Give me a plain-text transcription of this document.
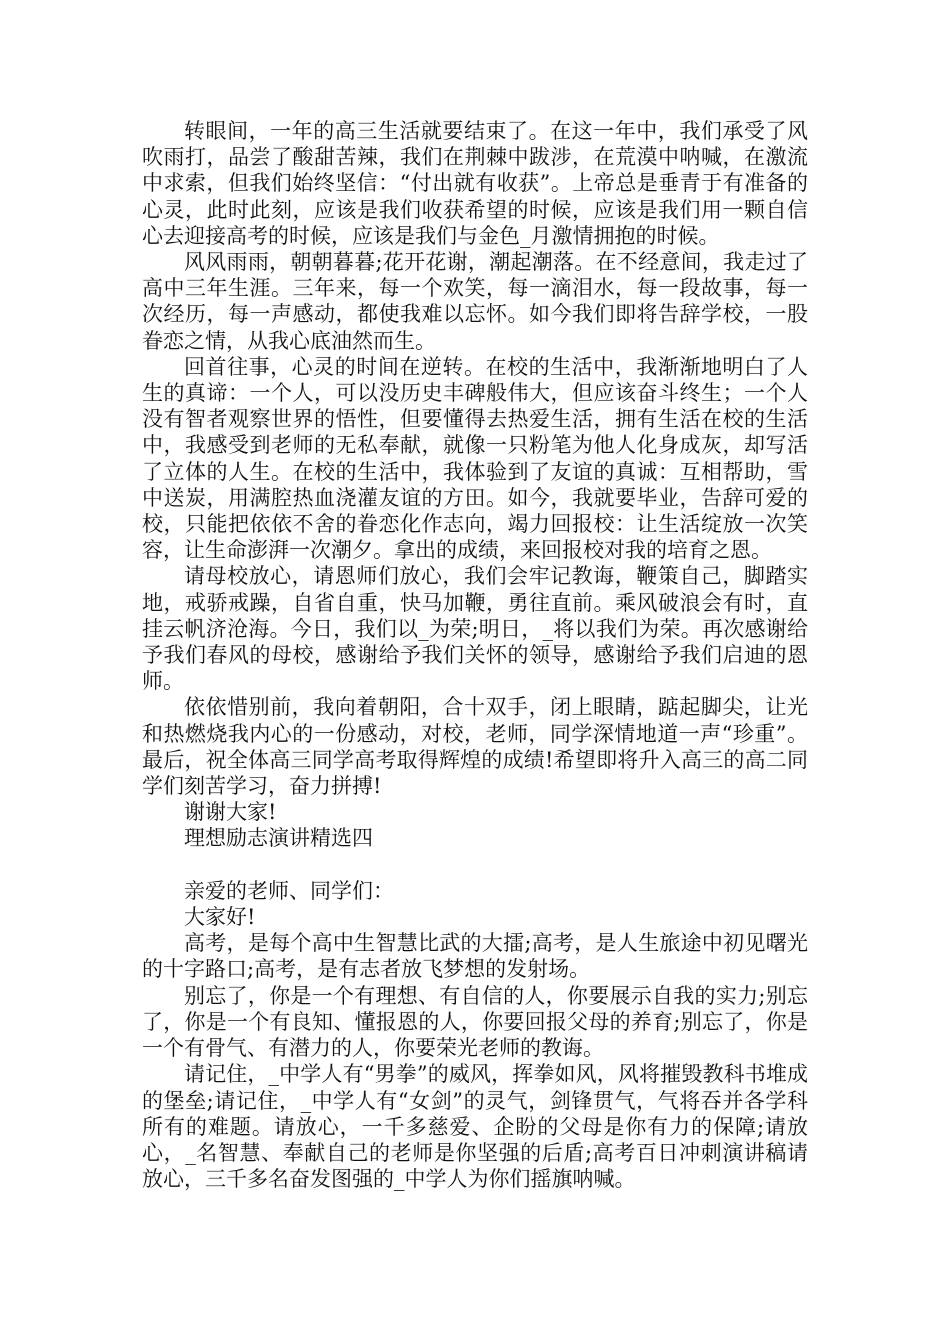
转眼间，一年的高三生活就要结束了。在这一年中，我们承受了风吹雨打，品尝了酸甜苦辣，我们在荆棘中跋涉，在荒漠中呐喊，在激流中求索，但我们始终坚信：“付出就有收获”。上帝总是垂青于有准备的心灵，此时此刻，应该是我们收获希望的时候，应该是我们用一颗自信心去迎接高考的时候，应该是我们与金色_月激情拥抱的时候。

风风雨雨，朝朝暮暮;花开花谢，潮起潮落。在不经意间，我走过了高中三年生涯。三年来，每一个欢笑，每一滴泪水，每一段故事，每一次经历，每一声感动，都使我难以忘怀。如今我们即将告辞学校，一股眷恋之情，从我心底油然而生。

回首往事，心灵的时间在逆转。在校的生活中，我渐渐地明白了人生的真谛：一个人，可以没历史丰碑般伟大，但应该奋斗终生；一个人没有智者观察世界的悟性，但要懂得去热爱生活，拥有生活在校的生活中，我感受到老师的无私奉献，就像一只粉笔为他人化身成灰，却写活了立体的人生。在校的生活中，我体验到了友谊的真诚：互相帮助，雪中送炭，用满腔热血浇灌友谊的方田。如今，我就要毕业，告辞可爱的校，只能把依依不舍的眷恋化作志向，竭力回报校：让生活绽放一次笑容，让生命澎湃一次潮夕。拿出的成绩，来回报校对我的培育之恩。

请母校放心，请恩师们放心，我们会牢记教诲，鞭策自己，脚踏实地，戒骄戒躁，自省自重，快马加鞭，勇往直前。乘风破浪会有时，直挂云帆济沧海。今日，我们以_为荣;明日，_将以我们为荣。再次感谢给予我们春风的母校，感谢给予我们关怀的领导，感谢给予我们启迪的恩师。

依依惜别前，我向着朝阳，合十双手，闭上眼睛，踮起脚尖，让光和热燃烧我内心的一份感动，对校，老师，同学深情地道一声“珍重”。最后，祝全体高三同学高考取得辉煌的成绩!希望即将升入高三的高二同学们刻苦学习，奋力拼搏!

谢谢大家!

理想励志演讲精选四

亲爱的老师、同学们：

大家好!

高考，是每个高中生智慧比武的大擂;高考，是人生旅途中初见曙光的十字路口;高考，是有志者放飞梦想的发射场。

别忘了，你是一个有理想、有自信的人，你要展示自我的实力;别忘了，你是一个有良知、懂报恩的人，你要回报父母的养育;别忘了，你是一个有骨气、有潜力的人，你要荣光老师的教诲。

请记住，_中学人有“男拳”的威风，挥拳如风，风将摧毁教科书堆成的堡垒;请记住，_中学人有“女剑”的灵气，剑锋贯气，气将吞并各学科所有的难题。请放心，一千多慈爱、企盼的父母是你有力的保障;请放心，_名智慧、奉献自己的老师是你坚强的后盾;高考百日冲刺演讲稿请放心，三千多名奋发图强的_中学人为你们摇旗呐喊。
